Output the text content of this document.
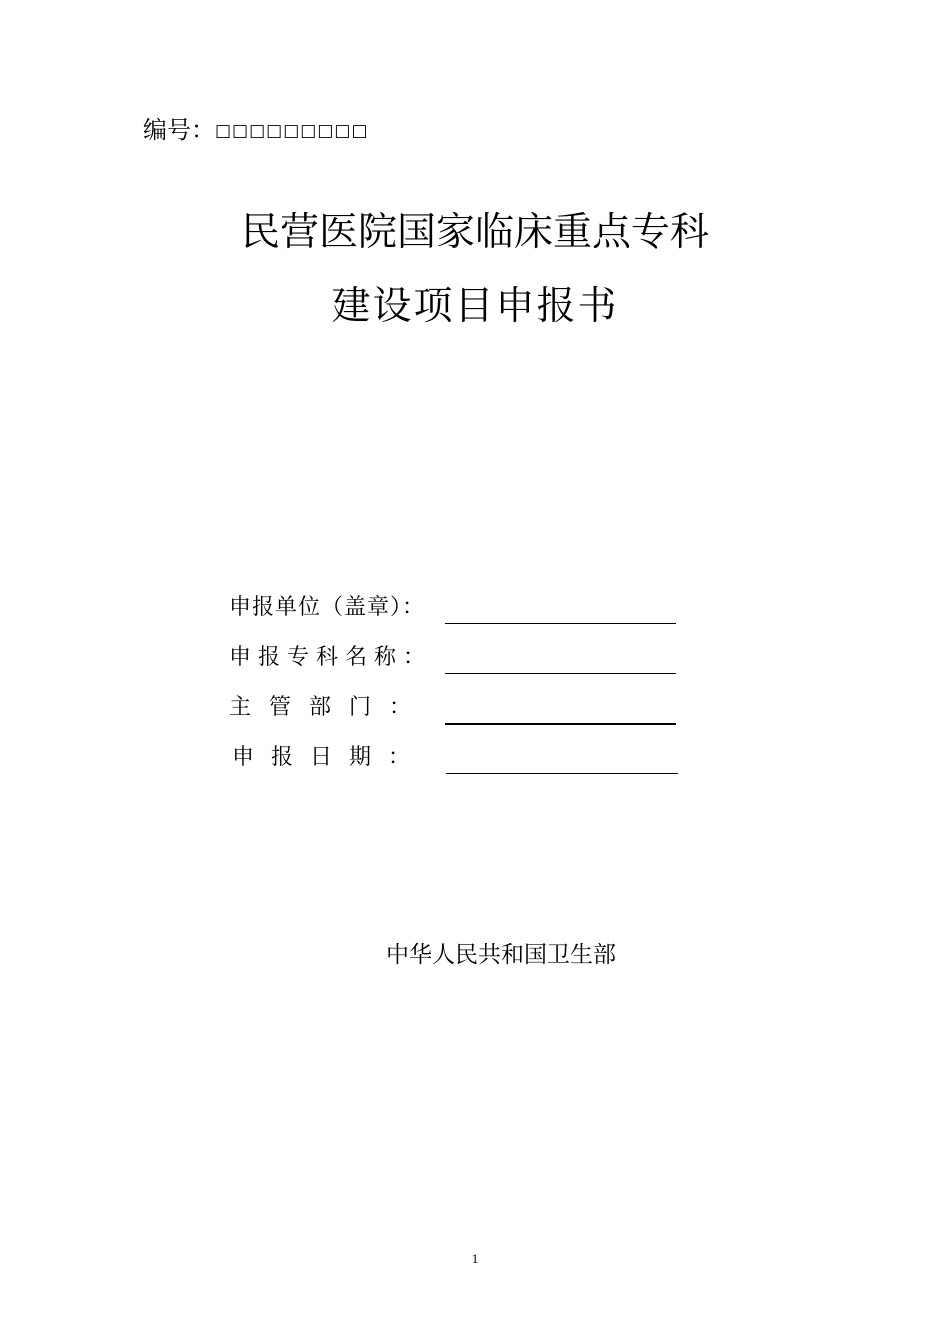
编号：□□□□□□□□□
民营医院国家临床重点专科
建设项目申报书
申报单位（盖章）：
申报专科名称：
主管部门：
申报日期：
中华人民共和国卫生部
1
